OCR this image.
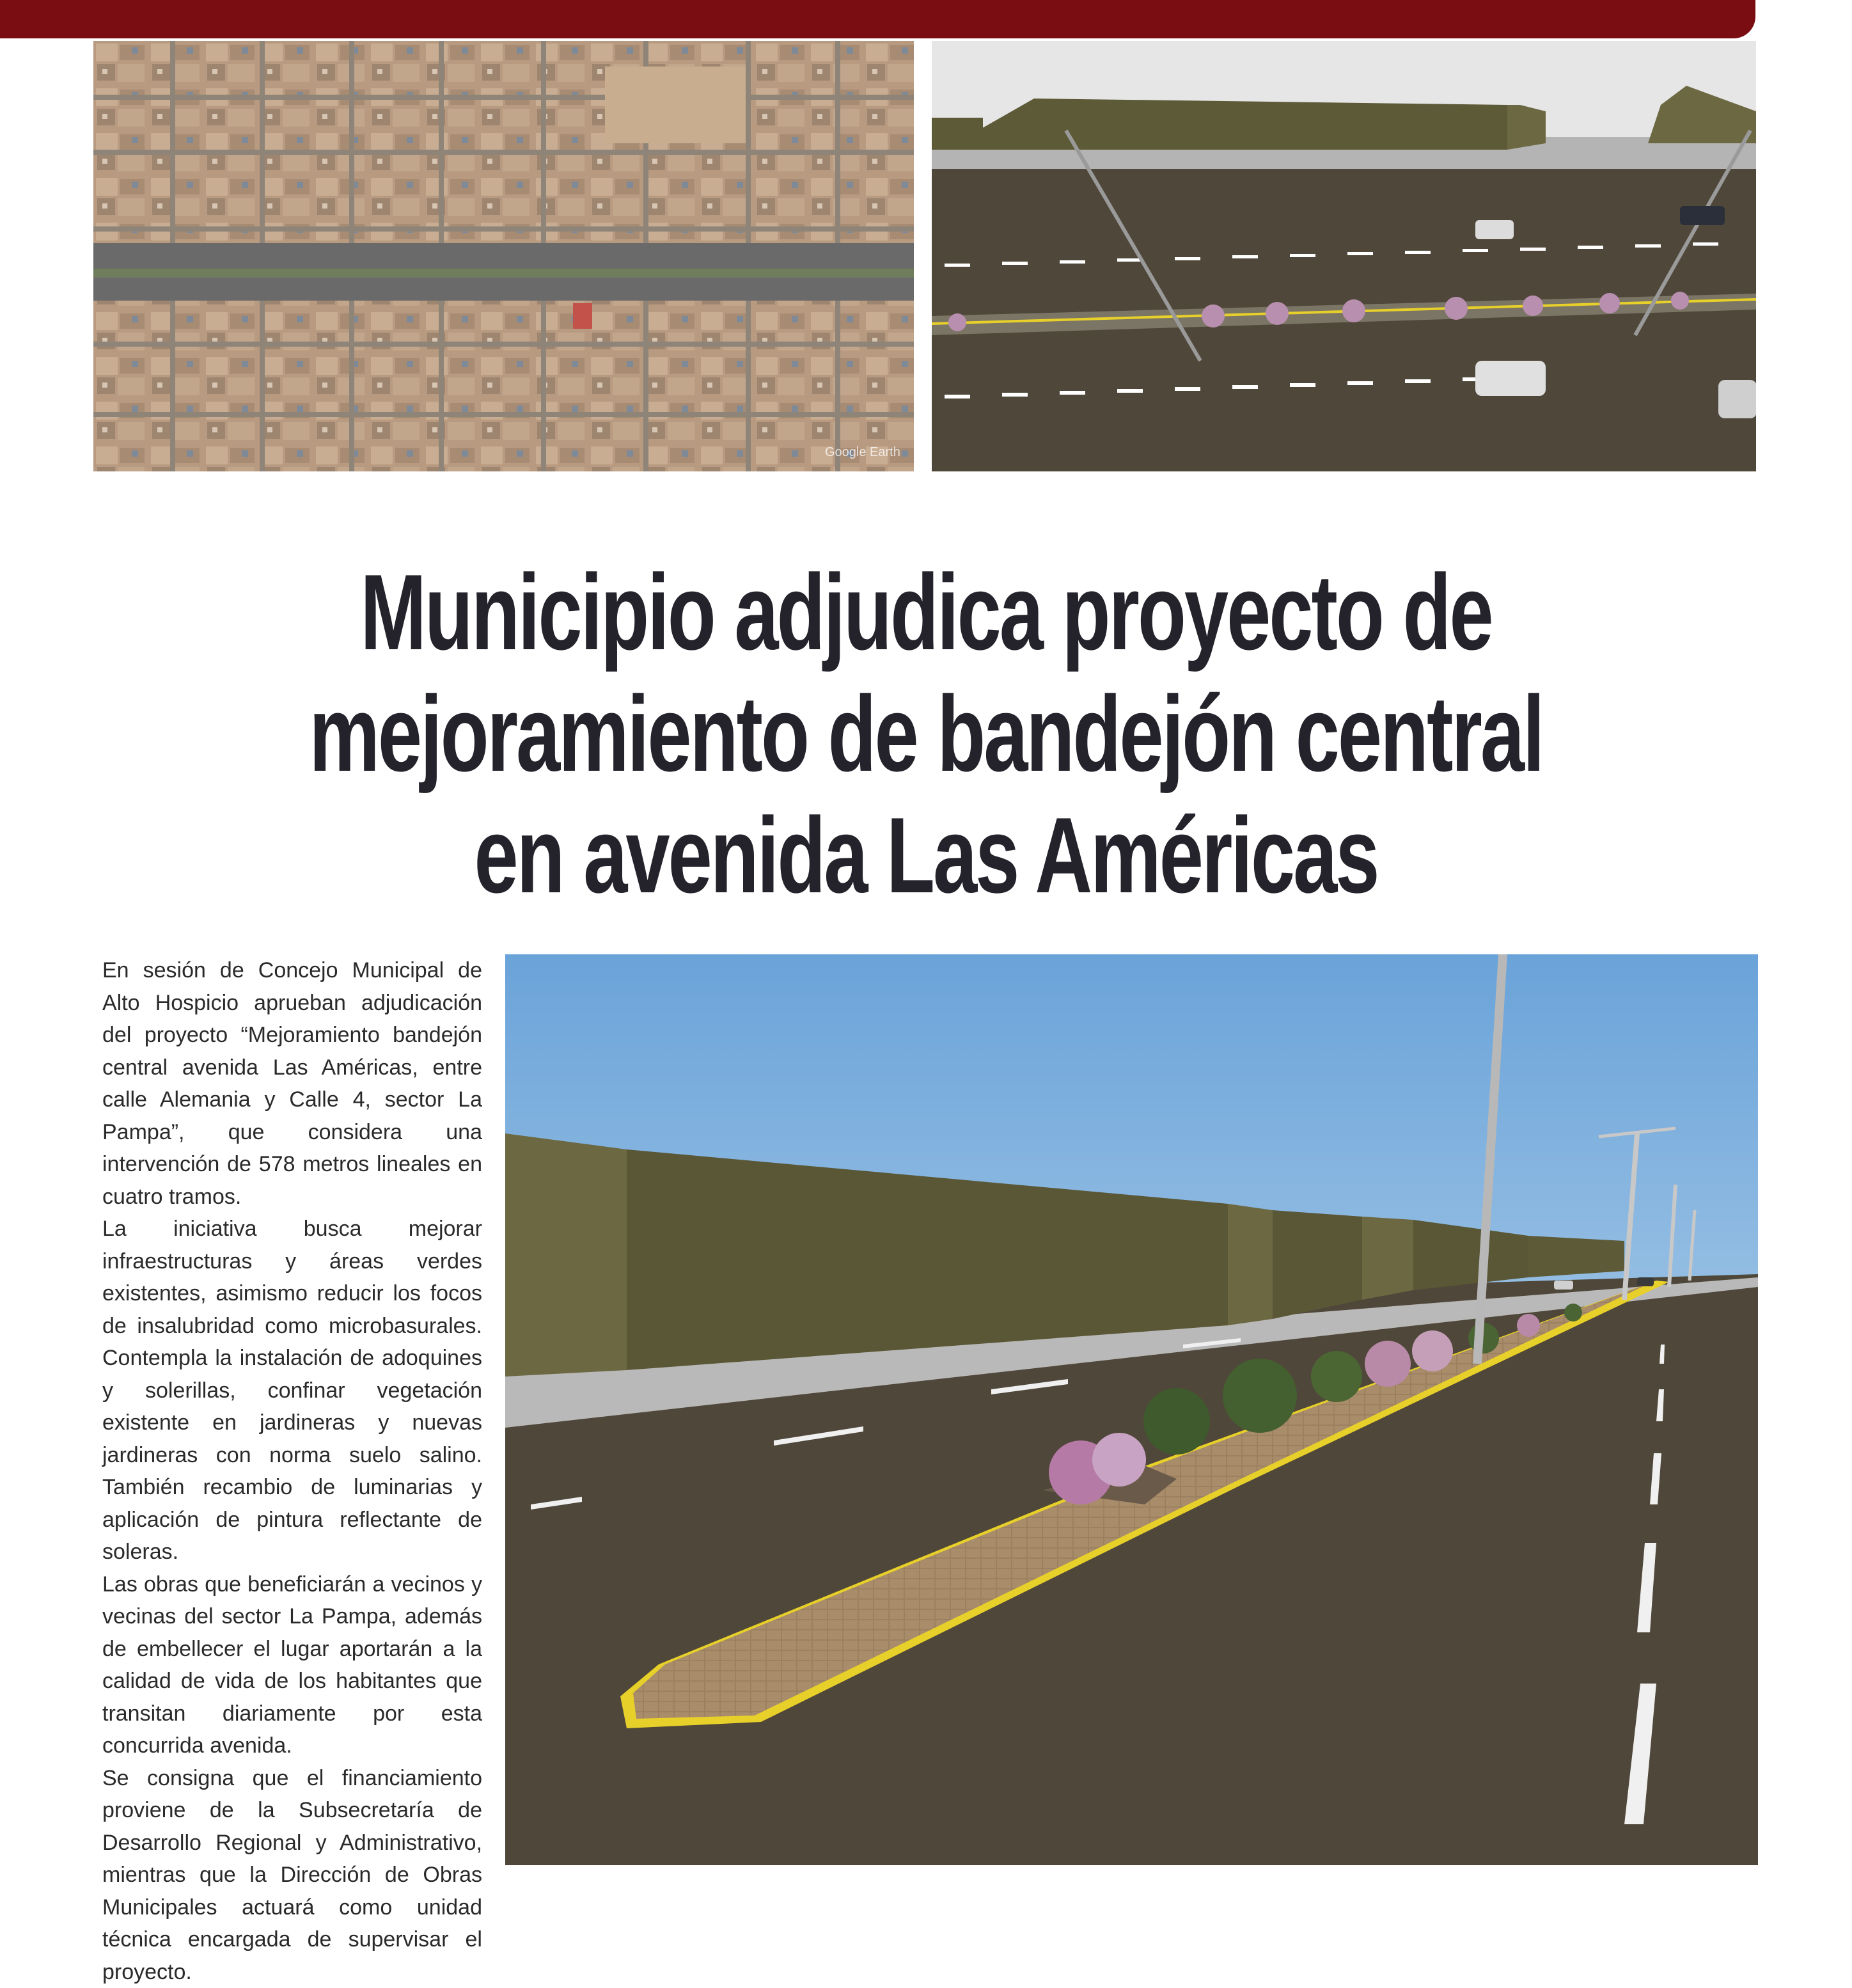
Google Earth
Municipio adjudica proyecto de
mejoramiento de bandejón central
en avenida Las Américas

En sesión de Concejo Municipal de Alto Hospicio aprueban adjudicación del proyecto “Mejoramiento bandejón central avenida Las Américas, entre calle Alemania y Calle 4, sector La Pampa”, que considera una intervención de 578 metros lineales en cuatro tramos.

La iniciativa busca mejorar infraestructuras y áreas verdes existentes, asimismo reducir los focos de insalubridad como microbasurales. Contempla la instalación de adoquines y solerillas, confinar vegetación existente en jardineras y nuevas jardineras con norma suelo salino. También recambio de luminarias y aplicación de pintura reflectante de soleras.

Las obras que beneficiarán a vecinos y vecinas del sector La Pampa, además de embellecer el lugar aportarán a la calidad de vida de los habitantes que transitan diariamente por esta concurrida avenida.

Se consigna que el financiamiento proviene de la Subsecretaría de Desarrollo Regional y Administrativo, mientras que la Dirección de Obras Municipales actuará como unidad técnica encargada de supervisar el proyecto.
